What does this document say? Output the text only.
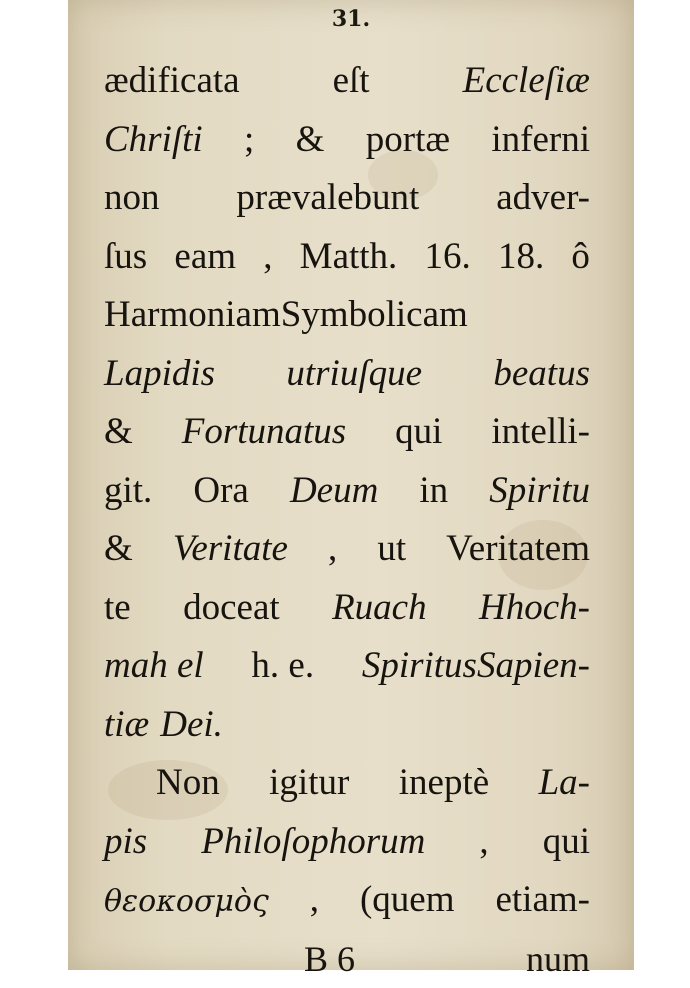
31.
ædificata	eſt	Eccleſiæ
Chriſti ; & portæ inferni
non prævalebunt adver-
ſus eam , Matth. 16. 18. ô
HarmoniamSymbolicam
Lapidis utriuſque beatus
& Fortunatus qui intelli-
git. Ora Deum in Spiritu
& Veritate , ut Veritatem
te doceat Ruach Hhoch-
mah el h. e. SpiritusSapien-
tiæ Dei.
Non igitur ineptè La-
pis Philoſophorum , qui
θεοκοσμὸς , (quem etiam-
B 6	num
